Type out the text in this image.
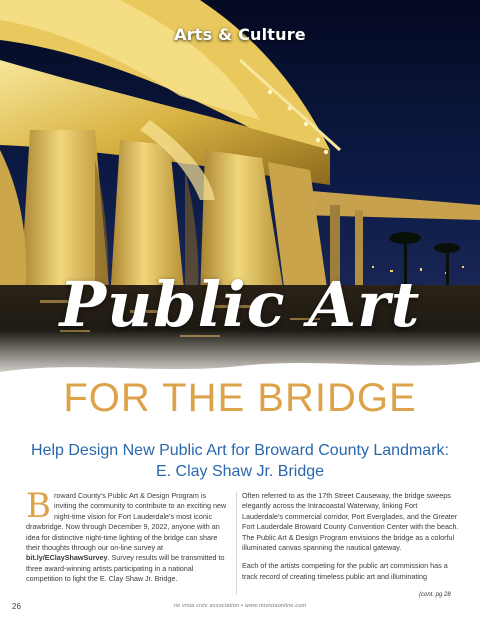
Arts & Culture
Public Art
FOR THE BRIDGE
Help Design New Public Art for Broward County Landmark:
E. Clay Shaw Jr. Bridge

Broward County’s Public Art & Design Program is inviting the community to contribute to an exciting new night-time vision for Fort Lauderdale’s most iconic drawbridge. Now through December 9, 2022, anyone with an idea for distinctive night-time lighting of the bridge can share their thoughts through our on-line survey at bit.ly/EClayShawSurvey. Survey results will be transmitted to three award-winning artists participating in a national competition to light the E. Clay Shaw Jr. Bridge.

Often referred to as the 17th Street Causeway, the bridge sweeps elegantly across the Intracoastal Waterway, linking Fort Lauderdale’s commercial corridor, Port Everglades, and the Greater Fort Lauderdale Broward County Convention Center with the beach. The Public Art & Design Program envisions the bridge as a colorful illuminated canvas spanning the nautical gateway.

Each of the artists competing for the public art commission has a track record of creating timeless public art and illuminating

(cont. pg 28
26	rio vista civic association • www.riovistaonline.com
